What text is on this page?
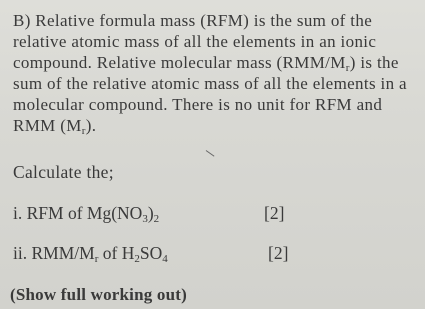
B) Relative formula mass (RFM) is the sum of the
relative atomic mass of all the elements in an ionic
compound. Relative molecular mass $(RMM/M_r)$ is the
sum of the relative atomic mass of all the elements in a
molecular compound. There is no unit for RFM and
RMM $(M_r)$.
Calculate the;
i. RFM of $Mg(NO_3)_2$	[2]
ii. RMM/$M_r$ of $H_2SO_4$	[2]
(Show full working out)
